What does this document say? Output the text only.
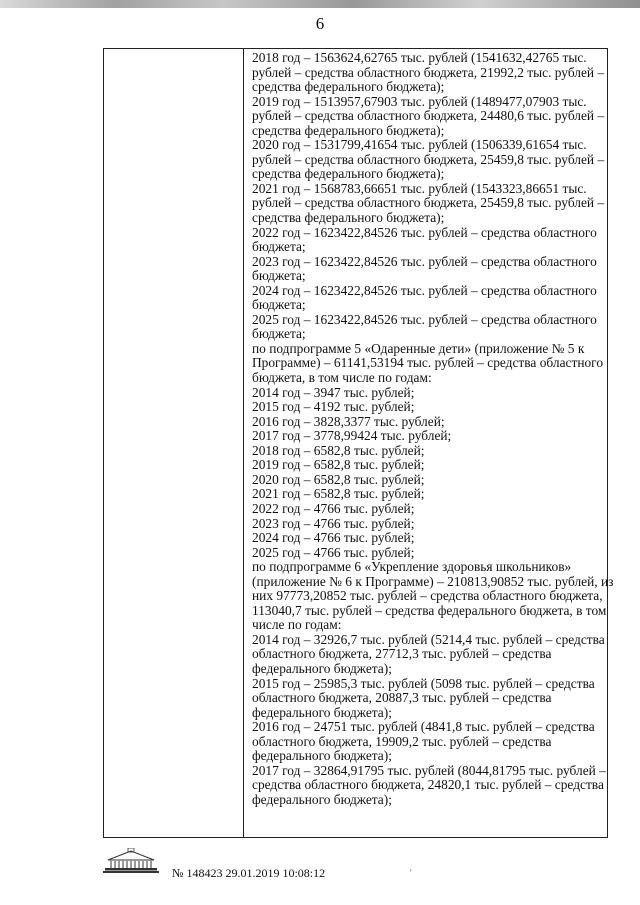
6
2018 год – 1563624,62765 тыс. рублей (1541632,42765 тыс.
рублей – средства областного бюджета, 21992,2 тыс. рублей –
средства федерального бюджета);
2019 год – 1513957,67903 тыс. рублей (1489477,07903 тыс.
рублей – средства областного бюджета, 24480,6 тыс. рублей –
средства федерального бюджета);
2020 год – 1531799,41654 тыс. рублей (1506339,61654 тыс.
рублей – средства областного бюджета, 25459,8 тыс. рублей –
средства федерального бюджета);
2021 год – 1568783,66651 тыс. рублей (1543323,86651 тыс.
рублей – средства областного бюджета, 25459,8 тыс. рублей –
средства федерального бюджета);
2022 год – 1623422,84526 тыс. рублей – средства областного
бюджета;
2023 год – 1623422,84526 тыс. рублей – средства областного
бюджета;
2024 год – 1623422,84526 тыс. рублей – средства областного
бюджета;
2025 год – 1623422,84526 тыс. рублей – средства областного
бюджета;
по подпрограмме 5 «Одаренные дети» (приложение № 5 к
Программе) – 61141,53194 тыс. рублей – средства областного
бюджета, в том числе по годам:
2014 год – 3947 тыс. рублей;
2015 год – 4192 тыс. рублей;
2016 год – 3828,3377 тыс. рублей;
2017 год – 3778,99424 тыс. рублей;
2018 год – 6582,8 тыс. рублей;
2019 год – 6582,8 тыс. рублей;
2020 год – 6582,8 тыс. рублей;
2021 год – 6582,8 тыс. рублей;
2022 год – 4766 тыс. рублей;
2023 год – 4766 тыс. рублей;
2024 год – 4766 тыс. рублей;
2025 год – 4766 тыс. рублей;
по подпрограмме 6 «Укрепление здоровья школьников»
(приложение № 6 к Программе) – 210813,90852 тыс. рублей, из
них 97773,20852 тыс. рублей – средства областного бюджета,
113040,7 тыс. рублей – средства федерального бюджета, в том
числе по годам:
2014 год – 32926,7 тыс. рублей (5214,4 тыс. рублей – средства
областного бюджета, 27712,3 тыс. рублей – средства
федерального бюджета);
2015 год – 25985,3 тыс. рублей (5098 тыс. рублей – средства
областного бюджета, 20887,3 тыс. рублей – средства
федерального бюджета);
2016 год – 24751 тыс. рублей (4841,8 тыс. рублей – средства
областного бюджета, 19909,2 тыс. рублей – средства
федерального бюджета);
2017 год – 32864,91795 тыс. рублей (8044,81795 тыс. рублей –
средства областного бюджета, 24820,1 тыс. рублей – средства
федерального бюджета);
№ 148423 29.01.2019 10:08:12	'
